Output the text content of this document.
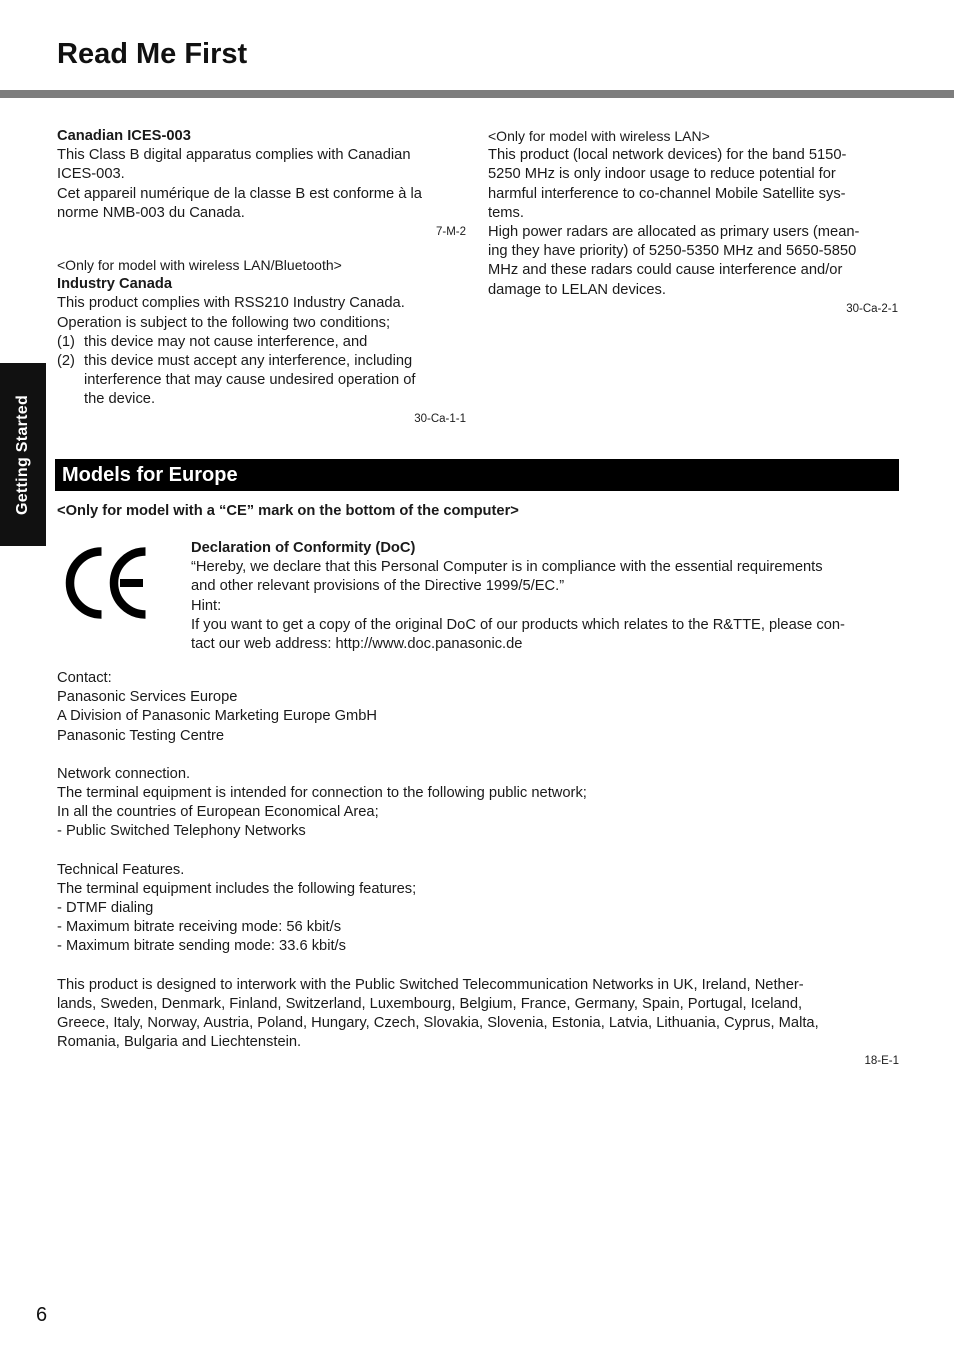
Read Me First
Getting Started

Canadian ICES-003

This Class B digital apparatus complies with Canadian

ICES-003.

Cet appareil numérique de la classe B est conforme à la

norme NMB-003 du Canada.

7-M-2

<Only for model with wireless LAN/Bluetooth>

Industry Canada

This product complies with RSS210 Industry Canada.

Operation is subject to the following two conditions;

(1) this device may not cause interference, and

(2) this device must accept any interference, including

interference that may cause undesired operation of

the device.

30-Ca-1-1

<Only for model with wireless LAN>

This product (local network devices) for the band 5150-

5250 MHz is only indoor usage to reduce potential for

harmful interference to co-channel Mobile Satellite sys-

tems.

High power radars are allocated as primary users (mean-

ing they have priority) of 5250-5350 MHz and 5650-5850

MHz and these radars could cause interference and/or

damage to LELAN devices.

30-Ca-2-1

Models for Europe
<Only for model with a “CE” mark on the bottom of the computer>

Declaration of Conformity (DoC)

“Hereby, we declare that this Personal Computer is in compliance with the essential requirements

and other relevant provisions of the Directive 1999/5/EC.”

Hint:

If you want to get a copy of the original DoC of our products which relates to the R&TTE, please con-

tact our web address: http://www.doc.panasonic.de

Contact:

Panasonic Services Europe

A Division of Panasonic Marketing Europe GmbH

Panasonic Testing Centre

Network connection.

The terminal equipment is intended for connection to the following public network;

In all the countries of European Economical Area;

- Public Switched Telephony Networks

Technical Features.

The terminal equipment includes the following features;

- DTMF dialing

- Maximum bitrate receiving mode: 56 kbit/s

- Maximum bitrate sending mode: 33.6 kbit/s

This product is designed to interwork with the Public Switched Telecommunication Networks in UK, Ireland, Nether-

lands, Sweden, Denmark, Finland, Switzerland, Luxembourg, Belgium, France, Germany, Spain, Portugal, Iceland,

Greece, Italy, Norway, Austria, Poland, Hungary, Czech, Slovakia, Slovenia, Estonia, Latvia, Lithuania, Cyprus, Malta,

Romania, Bulgaria and Liechtenstein.

18-E-1

6
